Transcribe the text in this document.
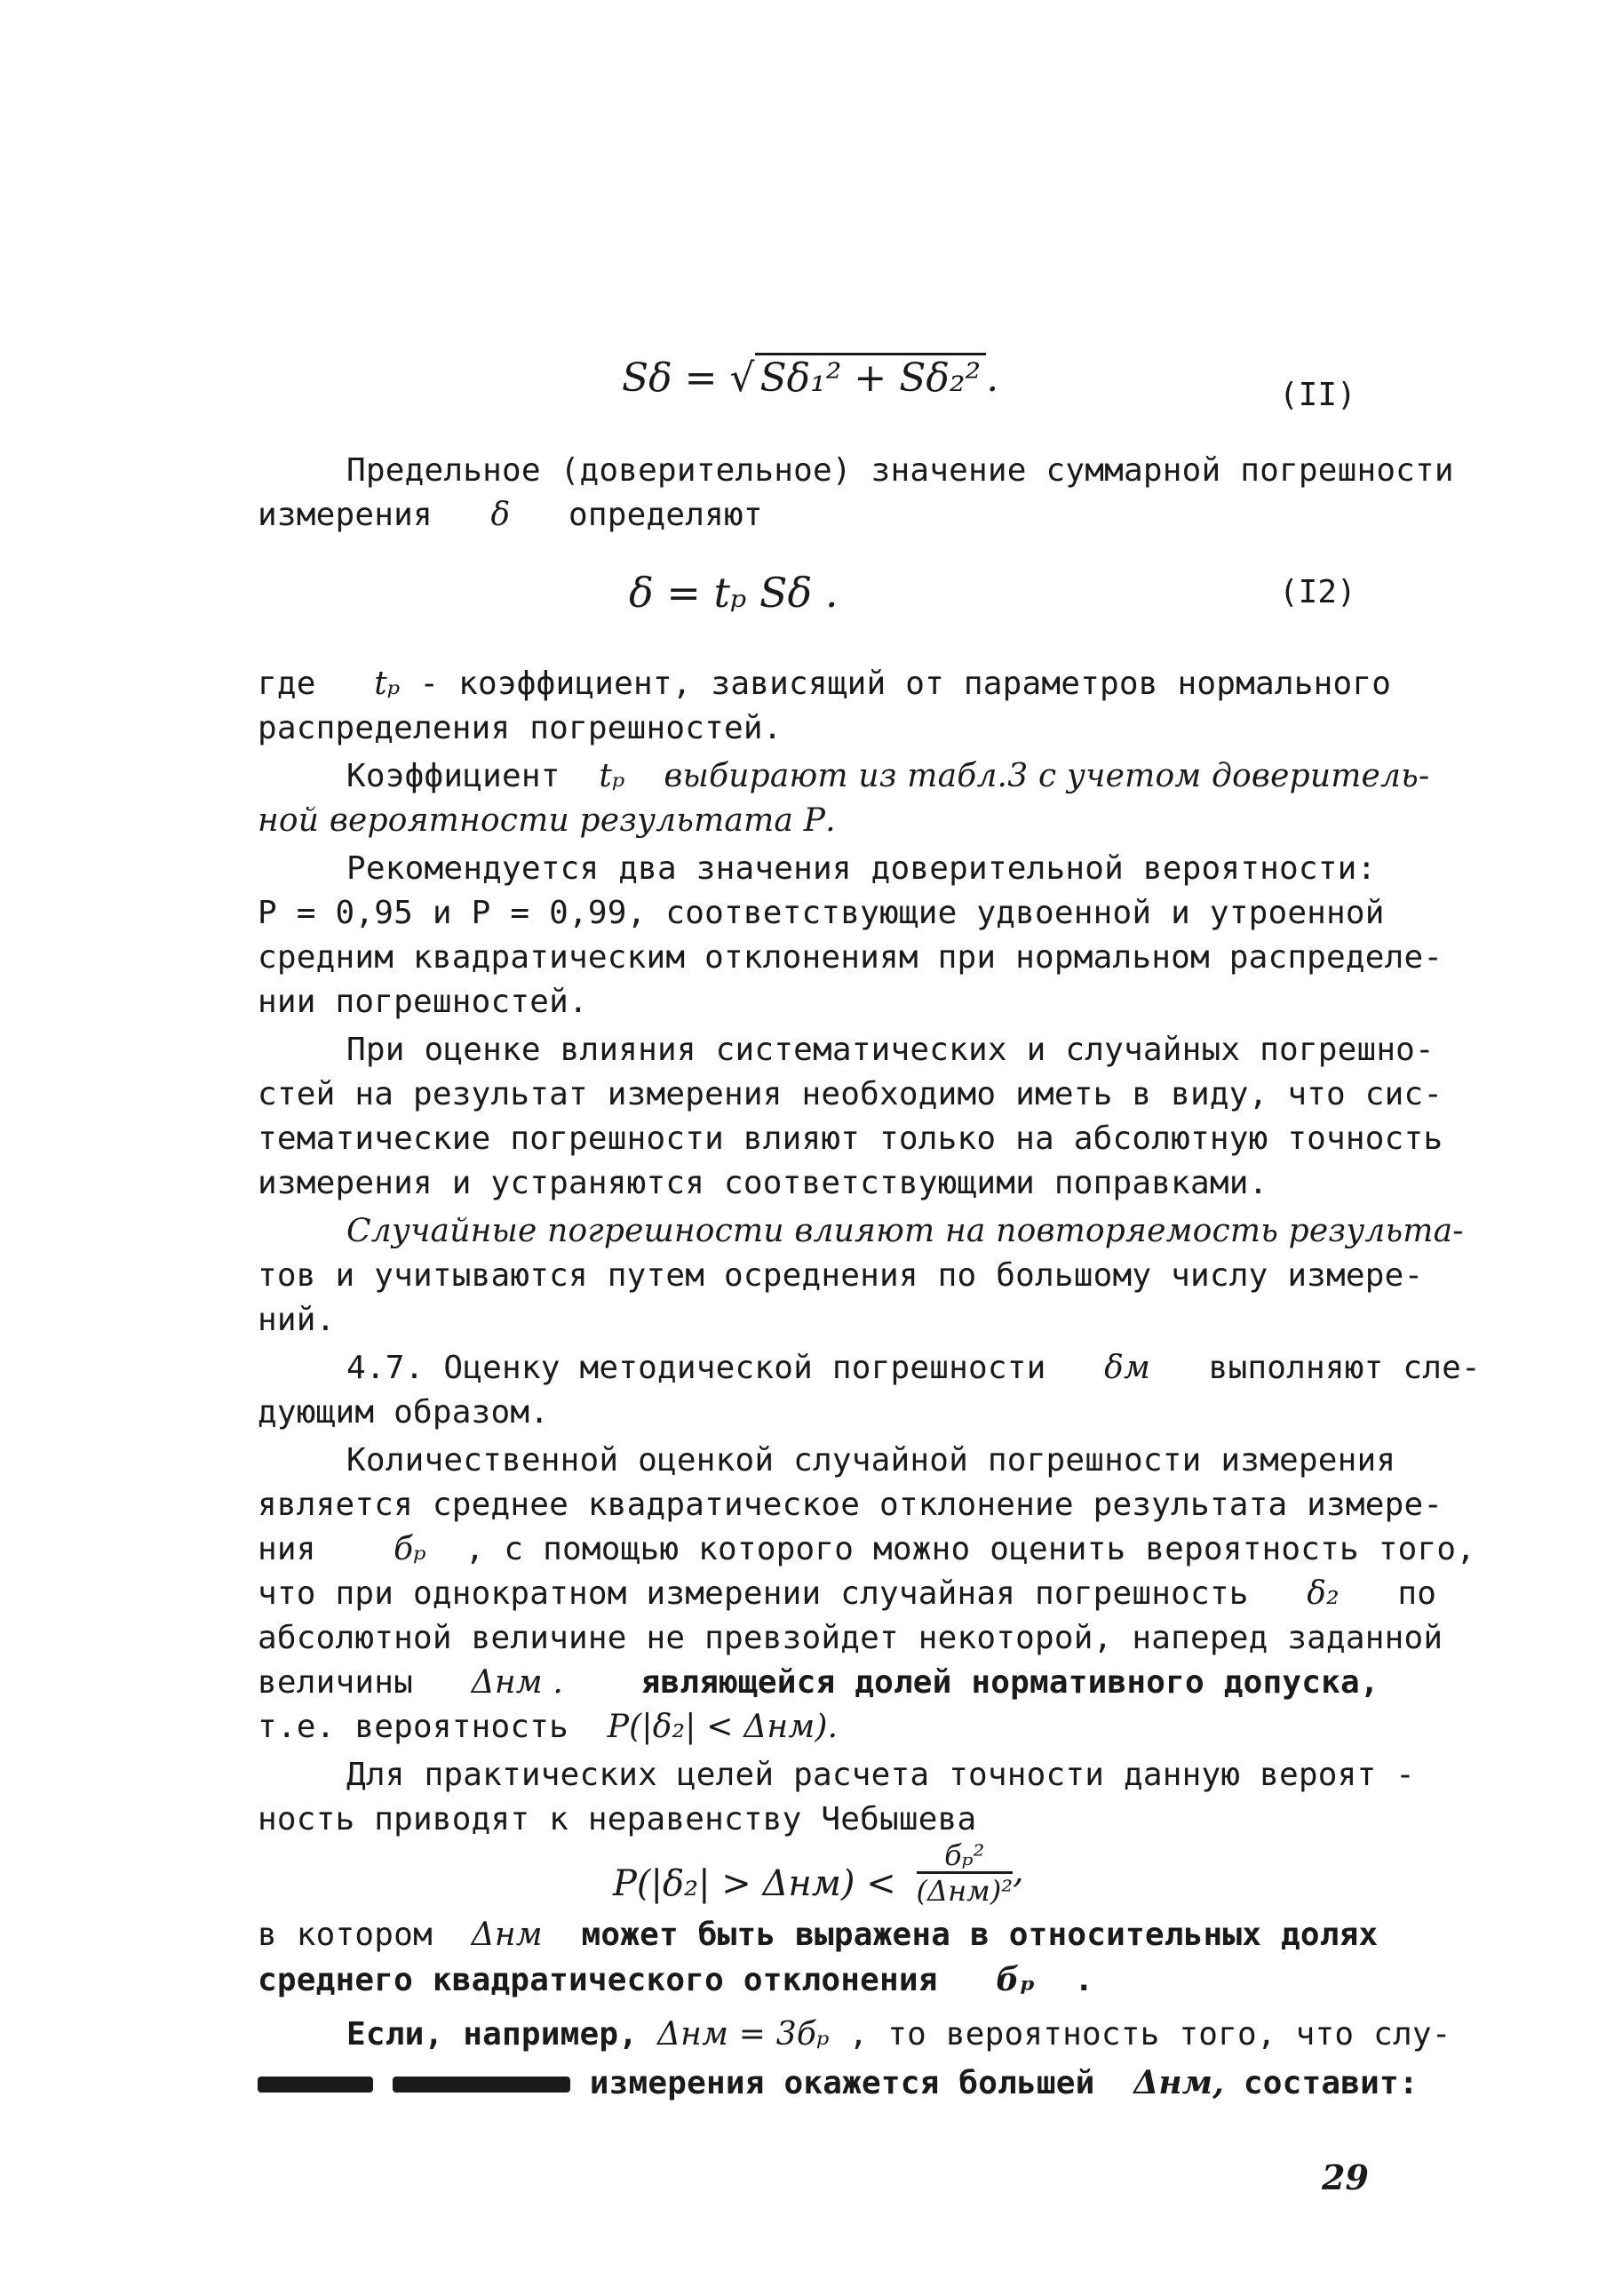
Sδ = √ Sδ₁² + Sδ₂² .	(II)
Предельное (доверительное) значение суммарной погрешности
измерения δ определяют
δ = tₚ Sδ .	(I2)
где tₚ - коэффициент, зависящий от параметров нормального
распределения погрешностей.
Коэффициент tₚ выбирают из табл.3 с учетом доверитель-
ной вероятности результата Р.
Рекомендуется два значения доверительной вероятности:
Р = 0,95 и Р = 0,99, соответствующие удвоенной и утроенной
средним квадратическим отклонениям при нормальном распределе-
нии погрешностей.
При оценке влияния систематических и случайных погрешно-
стей на результат измерения необходимо иметь в виду, что сис-
тематические погрешности влияют только на абсолютную точность
измерения и устраняются соответствующими поправками.
Случайные погрешности влияют на повторяемость результа-
тов и учитываются путем осреднения по большому числу измере-
ний.
4.7. Оценку методической погрешности δм выполняют сле-
дующим образом.
Количественной оценкой случайной погрешности измерения
является среднее квадратическое отклонение результата измере-
ния бₚ , с помощью которого можно оценить вероятность того,
что при однократном измерении случайная погрешность δ₂ по
абсолютной величине не превзойдет некоторой, наперед заданной
величины Δнм . являющейся долей нормативного допуска,
т.е. вероятность P(|δ₂| < Δнм).
Для практических целей расчета точности данную вероят -
ность приводят к неравенству Чебышева
P(|δ₂| > Δнм) <
бₚ²
(Δнм)² ,
в котором Δнм может быть выражена в относительных долях
среднего квадратического отклонения бₚ .
Если, например, Δнм = 3бₚ , то вероятность того, что слу-
измерения окажется большей Δнм, составит:
29
